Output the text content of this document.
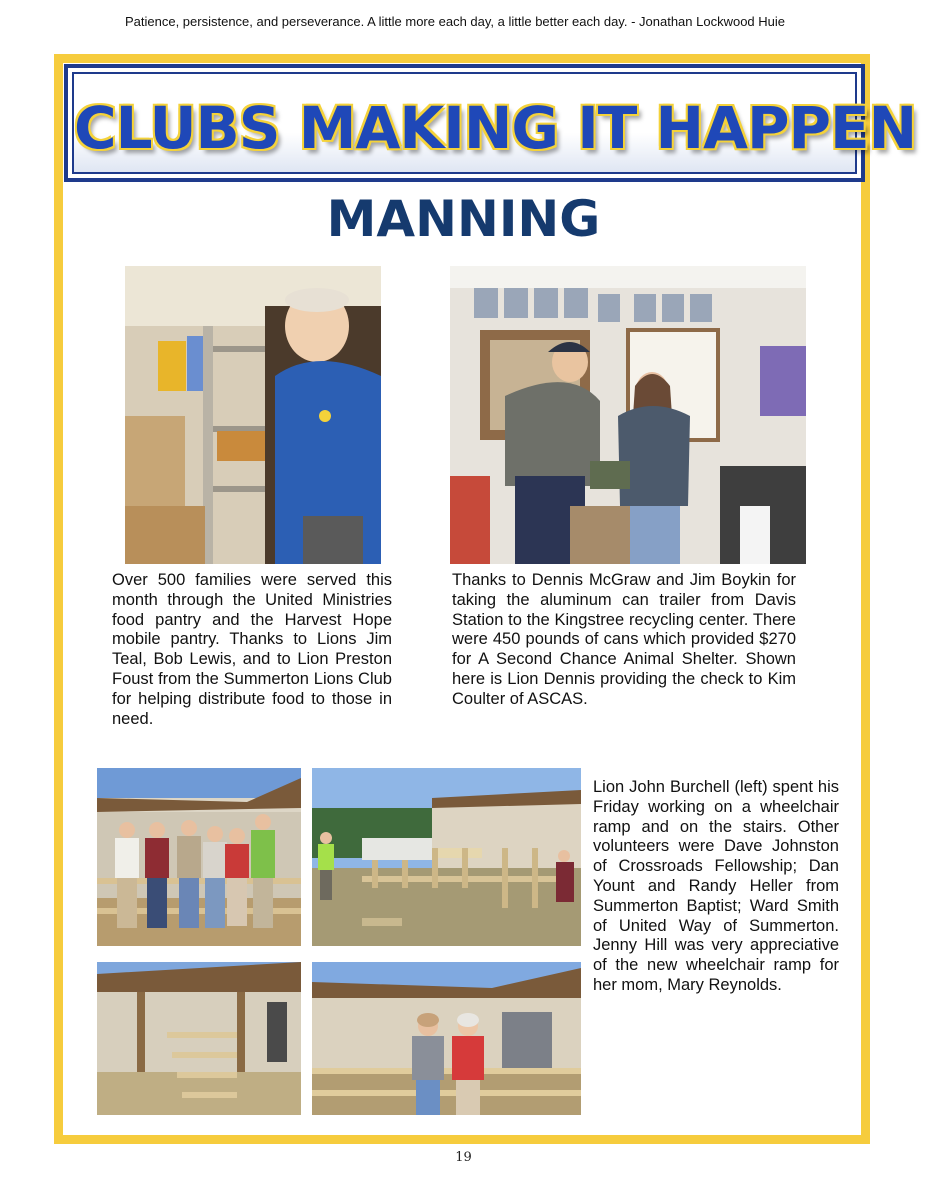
Patience, persistence, and perseverance. A little more each day, a little better each day. - Jonathan Lockwood Huie
CLUBS MAKING IT HAPPEN
MANNING
Over 500 families were served this month through the United Ministries food pantry and the Harvest Hope mobile pantry. Thanks to Lions Jim Teal, Bob Lewis, and to Lion Preston Foust from the Summerton Lions Club for helping distribute food to those in need.
Thanks to Dennis McGraw and Jim Boykin for taking the aluminum can trailer from Davis Station to the Kingstree recycling center. There were 450 pounds of cans which provided $270 for A Second Chance Animal Shelter. Shown here is Lion Dennis providing the check to Kim Coulter of ASCAS.
Lion John Burchell (left) spent his Friday working on a wheelchair ramp and on the stairs. Other volunteers were Dave Johnston of Crossroads Fellowship; Dan Yount and Randy Heller from Summerton Baptist; Ward Smith of United Way of Summerton. Jenny Hill was very appreciative of the new wheelchair ramp for her mom, Mary Reynolds.
19
